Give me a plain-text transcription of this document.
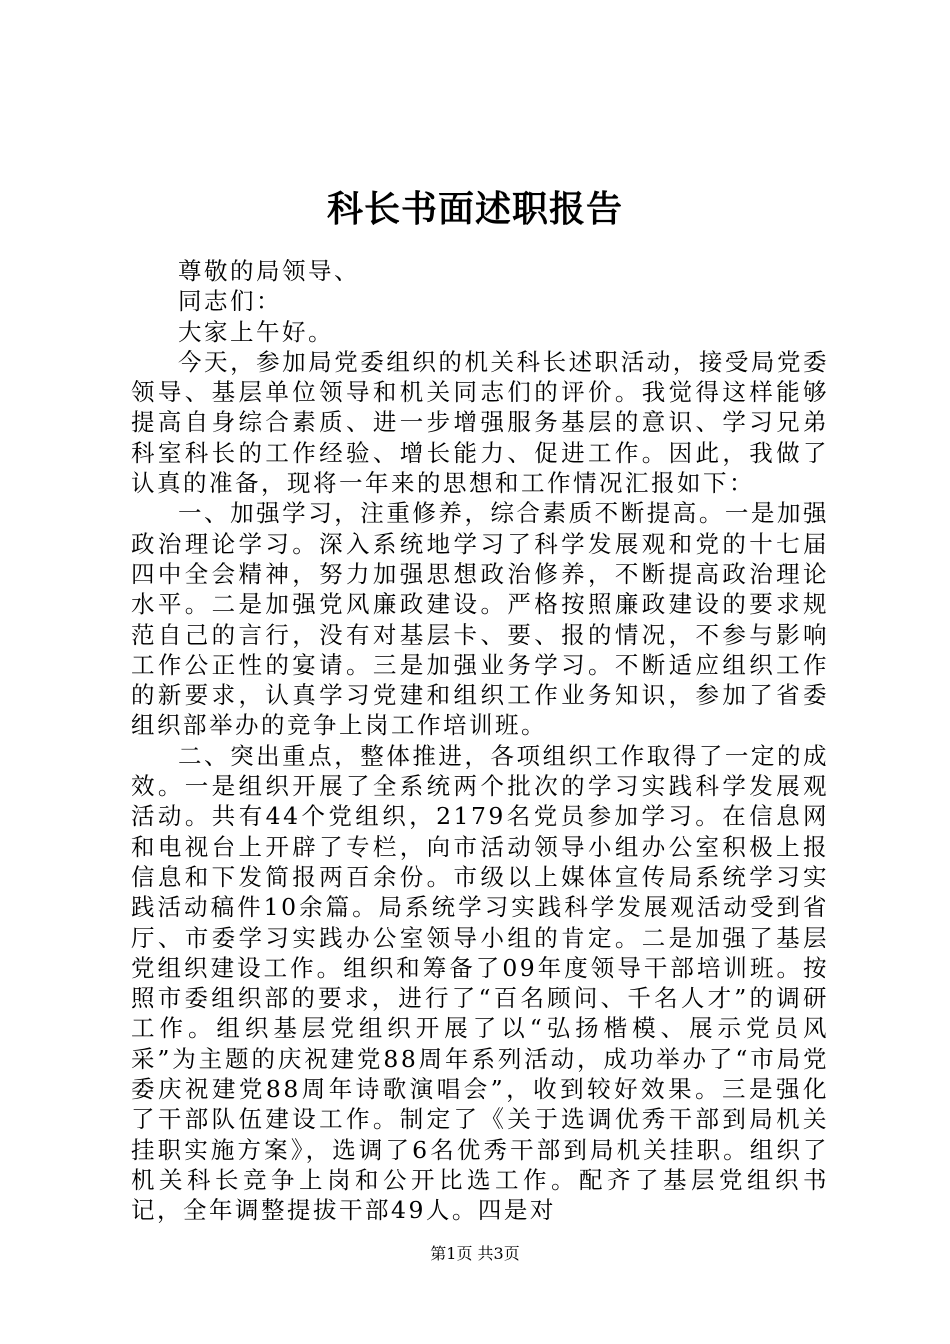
科长书面述职报告

尊敬的局领导、

同志们：

大家上午好。

今天，参加局党委组织的机关科长述职活动，接受局党委领导、基层单位领导和机关同志们的评价。我觉得这样能够提高自身综合素质、进一步增强服务基层的意识、学习兄弟科室科长的工作经验、增长能力、促进工作。因此，我做了认真的准备，现将一年来的思想和工作情况汇报如下：

一、加强学习，注重修养，综合素质不断提高。一是加强政治理论学习。深入系统地学习了科学发展观和党的十七届四中全会精神，努力加强思想政治修养，不断提高政治理论水平。二是加强党风廉政建设。严格按照廉政建设的要求规范自己的言行，没有对基层卡、要、报的情况，不参与影响工作公正性的宴请。三是加强业务学习。不断适应组织工作的新要求，认真学习党建和组织工作业务知识，参加了省委组织部举办的竞争上岗工作培训班。

二、突出重点，整体推进，各项组织工作取得了一定的成效。一是组织开展了全系统两个批次的学习实践科学发展观活动。共有44个党组织，2179名党员参加学习。在信息网和电视台上开辟了专栏，向市活动领导小组办公室积极上报信息和下发简报两百余份。市级以上媒体宣传局系统学习实践活动稿件10余篇。局系统学习实践科学发展观活动受到省厅、市委学习实践办公室领导小组的肯定。二是加强了基层党组织建设工作。组织和筹备了09年度领导干部培训班。按照市委组织部的要求，进行了“百名顾问、千名人才”的调研工作。组织基层党组织开展了以“弘扬楷模、展示党员风采”为主题的庆祝建党88周年系列活动，成功举办了“市局党委庆祝建党88周年诗歌演唱会”，收到较好效果。三是强化了干部队伍建设工作。制定了《关于选调优秀干部到局机关挂职实施方案》，选调了6名优秀干部到局机关挂职。组织了机关科长竞争上岗和公开比选工作。配齐了基层党组织书记，全年调整提拔干部49人。四是对

第1页 共3页
